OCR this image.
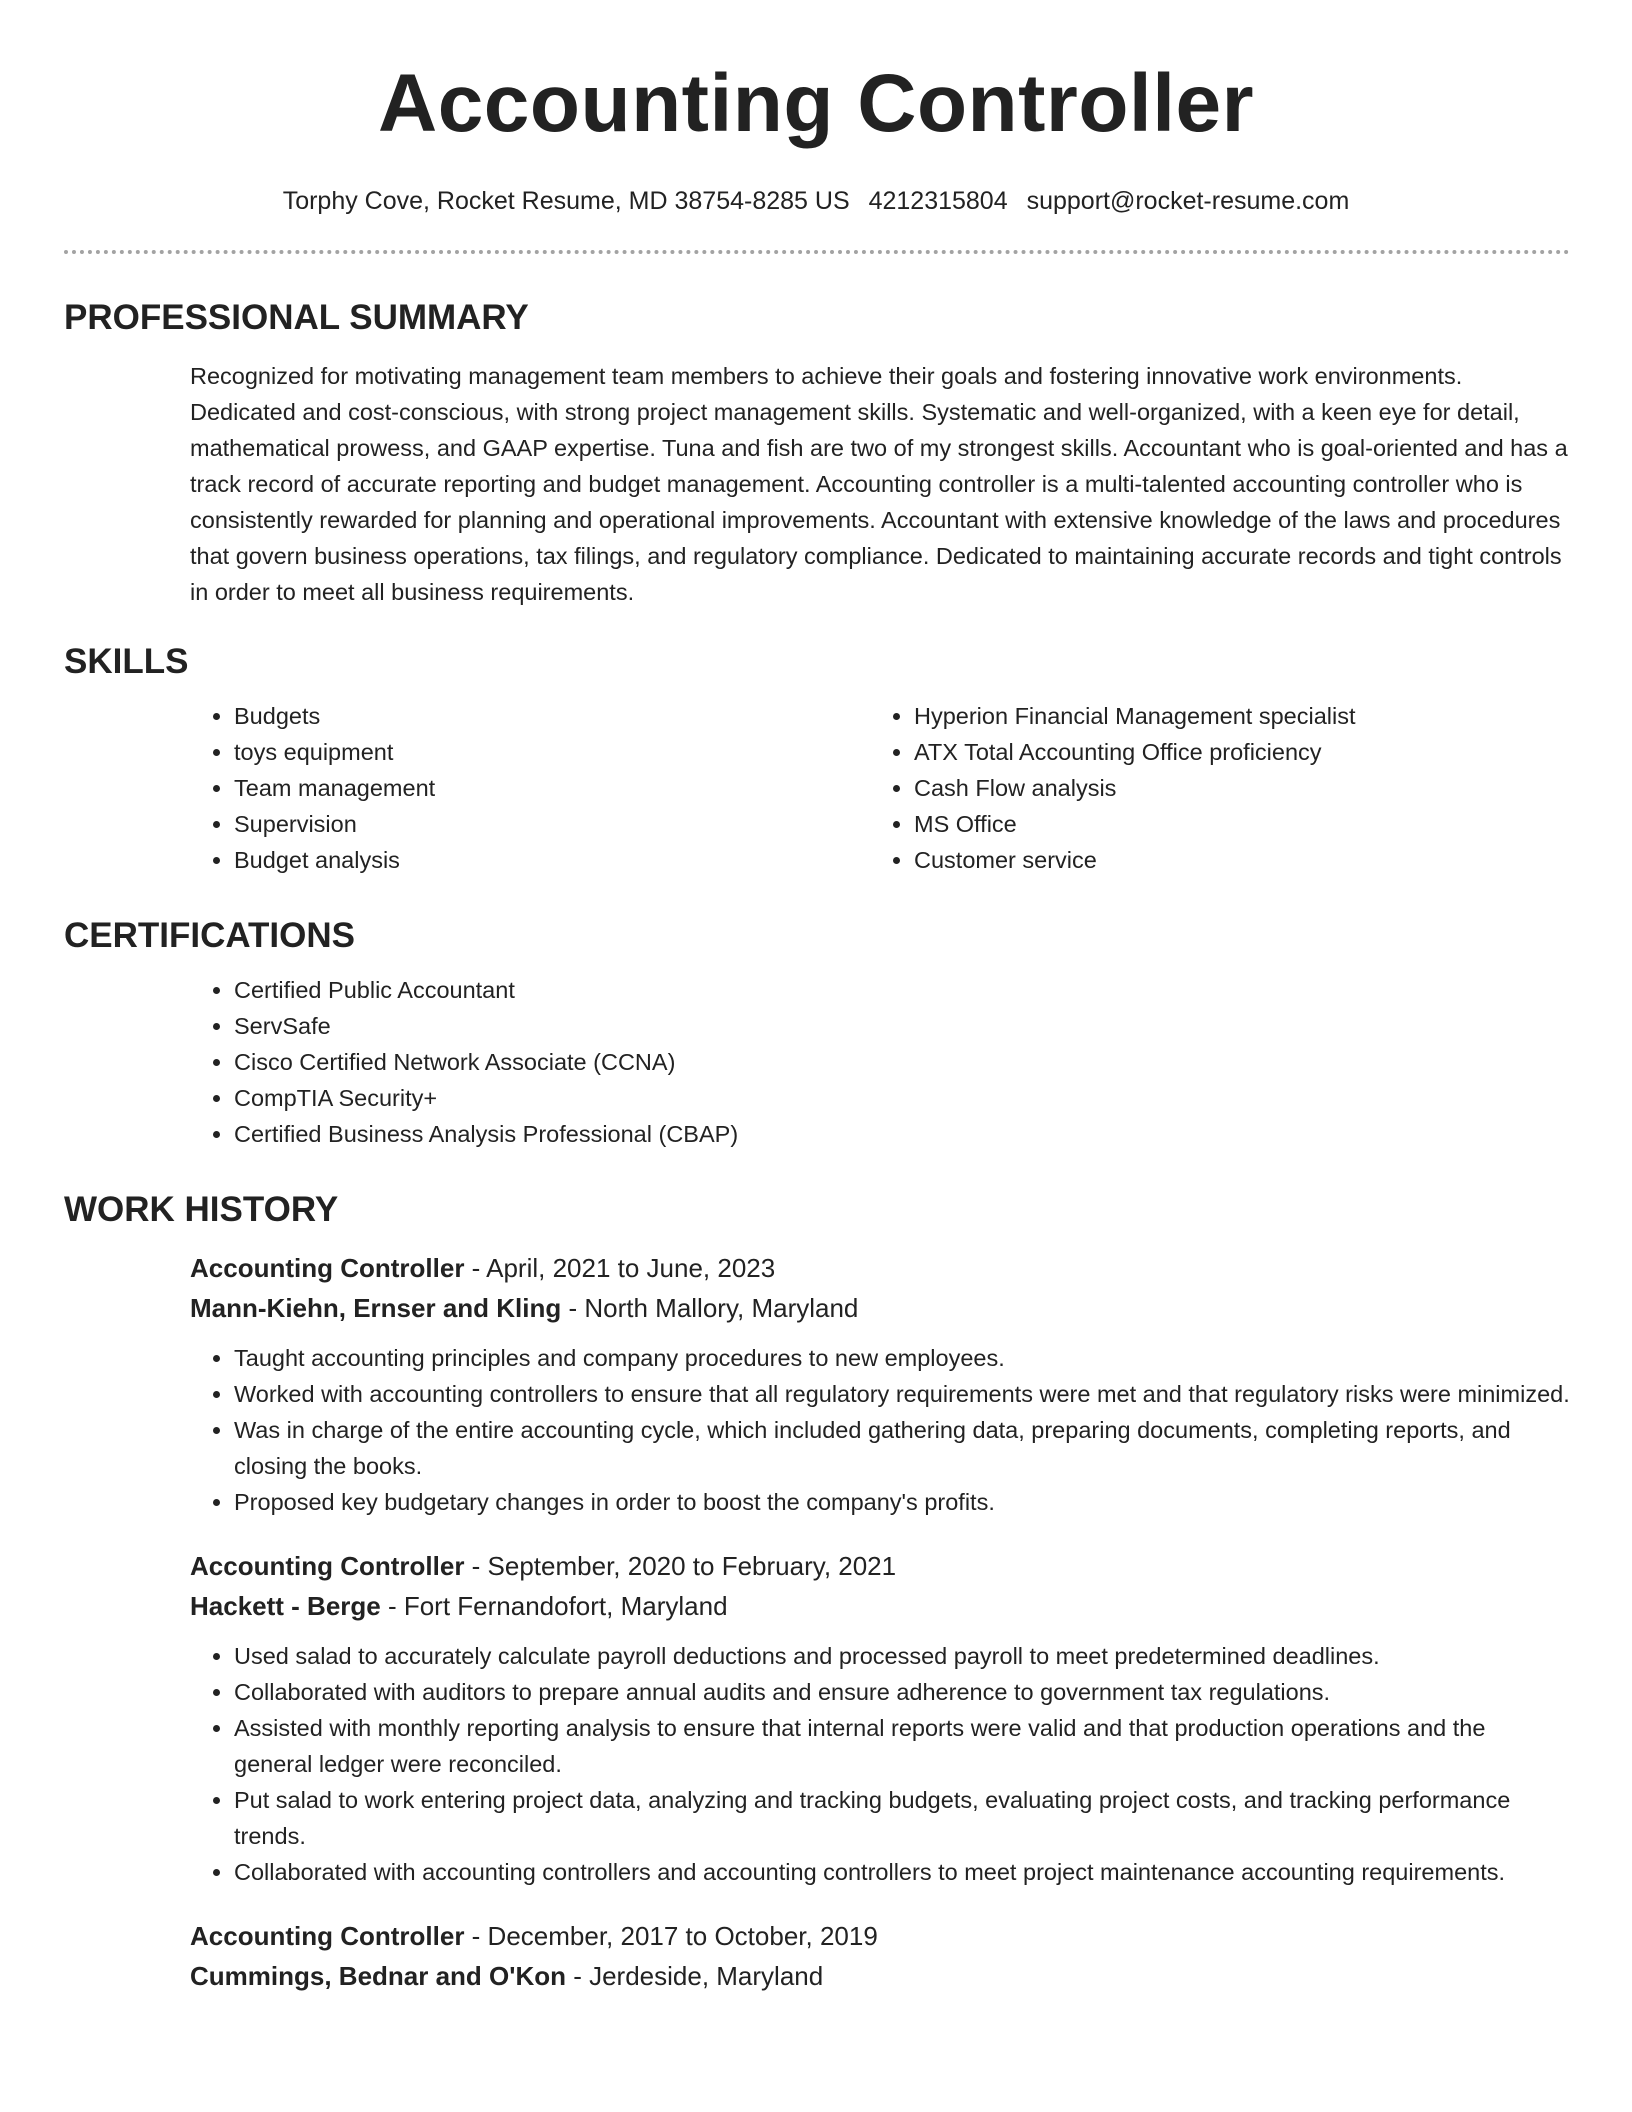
Accounting Controller
Torphy Cove, Rocket Resume, MD 38754-8285 US 4212315804 support@rocket-resume.com
PROFESSIONAL SUMMARY

Recognized for motivating management team members to achieve their goals and fostering innovative work environments. Dedicated and cost-conscious, with strong project management skills. Systematic and well-organized, with a keen eye for detail, mathematical prowess, and GAAP expertise. Tuna and fish are two of my strongest skills. Accountant who is goal-oriented and has a track record of accurate reporting and budget management. Accounting controller is a multi-talented accounting controller who is consistently rewarded for planning and operational improvements. Accountant with extensive knowledge of the laws and procedures that govern business operations, tax filings, and regulatory compliance. Dedicated to maintaining accurate records and tight controls in order to meet all business requirements.

SKILLS
• Budgets
• toys equipment
• Team management
• Supervision
• Budget analysis
• Hyperion Financial Management specialist
• ATX Total Accounting Office proficiency
• Cash Flow analysis
• MS Office
• Customer service
CERTIFICATIONS
• Certified Public Accountant
• ServSafe
• Cisco Certified Network Associate (CCNA)
• CompTIA Security+
• Certified Business Analysis Professional (CBAP)
WORK HISTORY

Accounting Controller - April, 2021 to June, 2023

Mann-Kiehn, Ernser and Kling - North Mallory, Maryland

• Taught accounting principles and company procedures to new employees.
• Worked with accounting controllers to ensure that all regulatory requirements were met and that regulatory risks were minimized.
• Was in charge of the entire accounting cycle, which included gathering data, preparing documents, completing reports, and closing the books.
• Proposed key budgetary changes in order to boost the company's profits.

Accounting Controller - September, 2020 to February, 2021

Hackett - Berge - Fort Fernandofort, Maryland

• Used salad to accurately calculate payroll deductions and processed payroll to meet predetermined deadlines.
• Collaborated with auditors to prepare annual audits and ensure adherence to government tax regulations.
• Assisted with monthly reporting analysis to ensure that internal reports were valid and that production operations and the general ledger were reconciled.
• Put salad to work entering project data, analyzing and tracking budgets, evaluating project costs, and tracking performance trends.
• Collaborated with accounting controllers and accounting controllers to meet project maintenance accounting requirements.

Accounting Controller - December, 2017 to October, 2019

Cummings, Bednar and O'Kon - Jerdeside, Maryland
